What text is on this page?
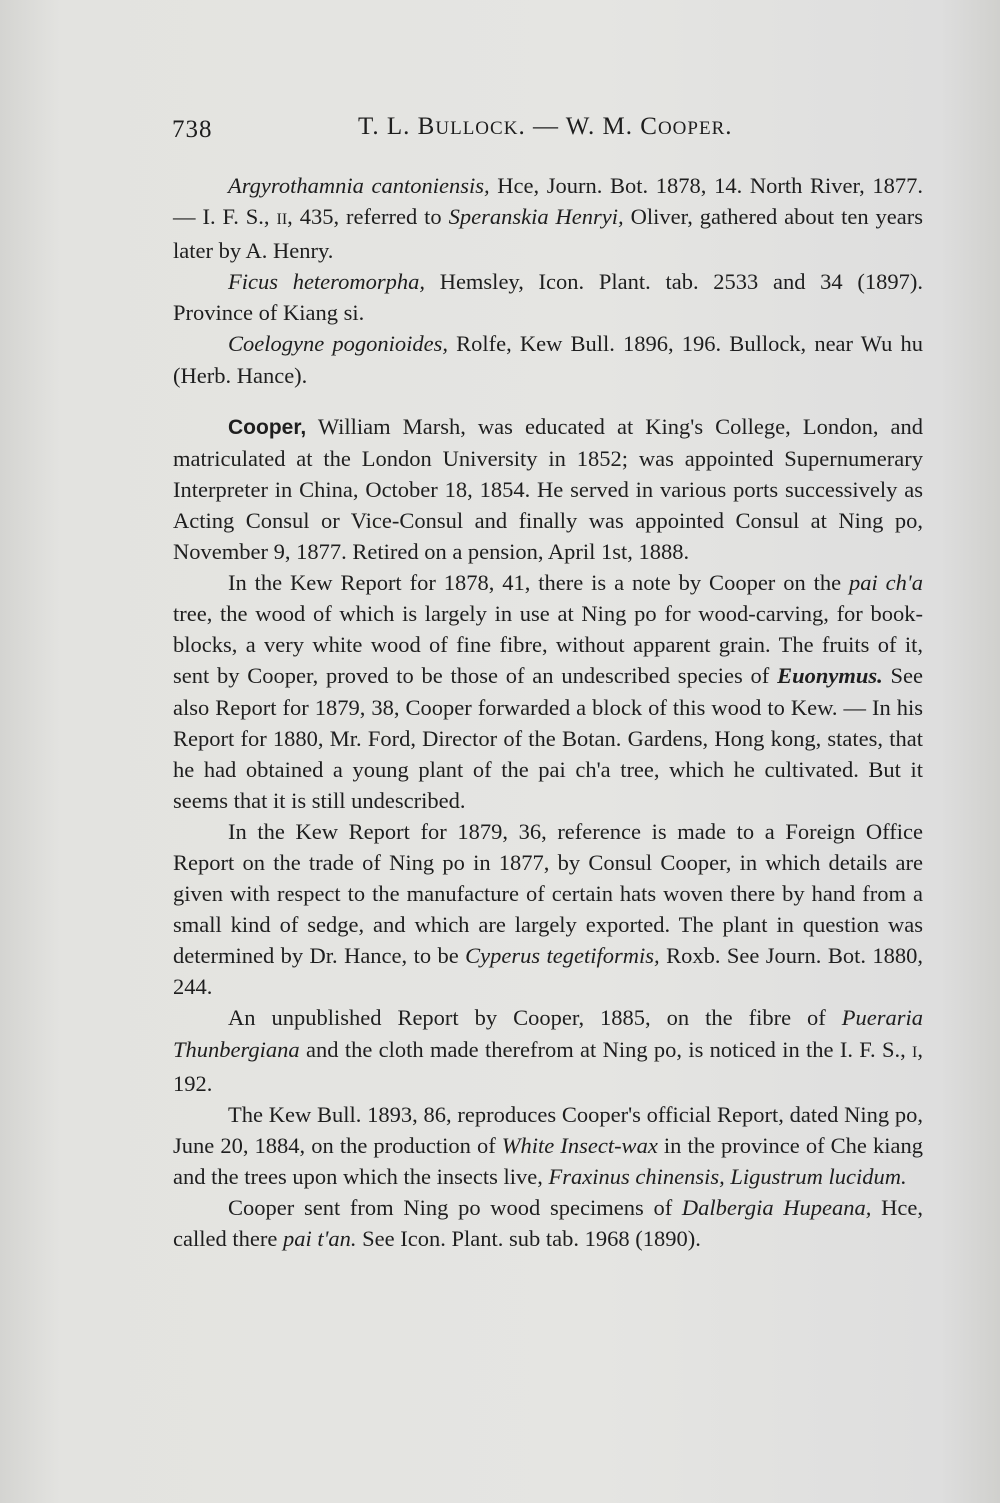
738	T. L. BULLOCK. — W. M. COOPER.

Argyrothamnia cantoniensis, Hce, Journ. Bot. 1878, 14. North River, 1877. — I. F. S., II, 435, referred to Speranskia Henryi, Oliver, gathered about ten years later by A. Henry.

Ficus heteromorpha, Hemsley, Icon. Plant. tab. 2533 and 34 (1897). Province of Kiang si.

Coelogyne pogonioides, Rolfe, Kew Bull. 1896, 196. Bullock, near Wu hu (Herb. Hance).

Cooper, William Marsh, was educated at King's College, London, and matriculated at the London University in 1852; was appointed Supernumerary Interpreter in China, October 18, 1854. He served in various ports successively as Acting Consul or Vice-Consul and finally was appointed Consul at Ning po, November 9, 1877. Retired on a pension, April 1st, 1888.

In the Kew Report for 1878, 41, there is a note by Cooper on the pai ch'a tree, the wood of which is largely in use at Ning po for wood-carving, for book-blocks, a very white wood of fine fibre, without apparent grain. The fruits of it, sent by Cooper, proved to be those of an undescribed species of Euonymus. See also Report for 1879, 38, Cooper forwarded a block of this wood to Kew. — In his Report for 1880, Mr. Ford, Director of the Botan. Gardens, Hong kong, states, that he had obtained a young plant of the pai ch'a tree, which he cultivated. But it seems that it is still undescribed.

In the Kew Report for 1879, 36, reference is made to a Foreign Office Report on the trade of Ning po in 1877, by Consul Cooper, in which details are given with respect to the manufacture of certain hats woven there by hand from a small kind of sedge, and which are largely exported. The plant in question was determined by Dr. Hance, to be Cyperus tegetiformis, Roxb. See Journ. Bot. 1880, 244.

An unpublished Report by Cooper, 1885, on the fibre of Pueraria Thunbergiana and the cloth made therefrom at Ning po, is noticed in the I. F. S., I, 192.

The Kew Bull. 1893, 86, reproduces Cooper's official Report, dated Ning po, June 20, 1884, on the production of White Insect-wax in the province of Che kiang and the trees upon which the insects live, Fraxinus chinensis, Ligustrum lucidum.

Cooper sent from Ning po wood specimens of Dalbergia Hupeana, Hce, called there pai t'an. See Icon. Plant. sub tab. 1968 (1890).
